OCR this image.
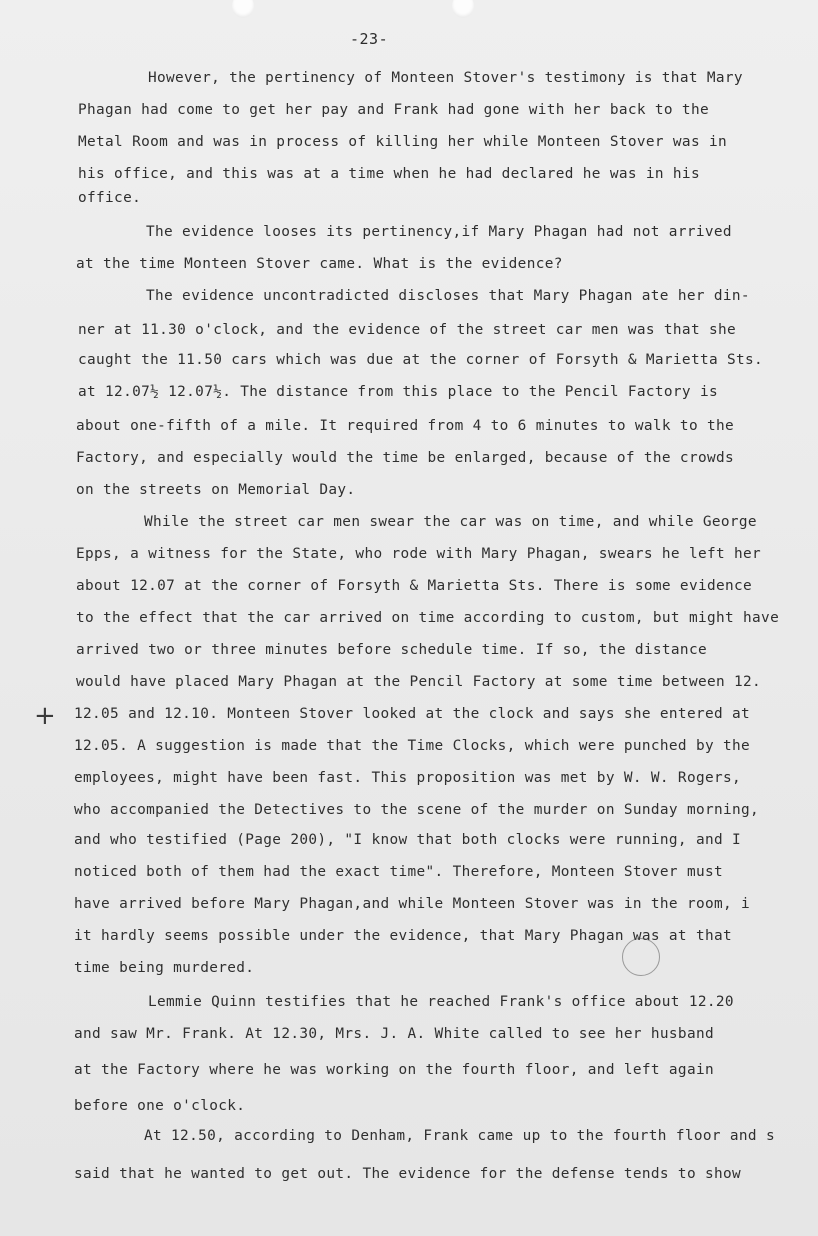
-23-
However, the pertinency of Monteen Stover's testimony is that Mary
Phagan had come to get her pay and Frank had gone with her back to the
Metal Room and was in process of killing her while Monteen Stover was in
his office, and this was at a time when he had declared he was in his
office.
The evidence looses its pertinency,if Mary Phagan had not arrived
at the time Monteen Stover came. What is the evidence?
The evidence uncontradicted discloses that Mary Phagan ate her din-
ner at 11.30 o'clock, and the evidence of the street car men was that she
caught the 11.50 cars which was due at the corner of Forsyth & Marietta Sts.
at 12.07½ 12.07½. The distance from this place to the Pencil Factory is
about one-fifth of a mile. It required from 4 to 6 minutes to walk to the
Factory, and especially would the time be enlarged, because of the crowds
on the streets on Memorial Day.
While the street car men swear the car was on time, and while George
Epps, a witness for the State, who rode with Mary Phagan, swears he left her
about 12.07 at the corner of Forsyth & Marietta Sts. There is some evidence
to the effect that the car arrived on time according to custom, but might have
arrived two or three minutes before schedule time. If so, the distance
would have placed Mary Phagan at the Pencil Factory at some time between 12.
12.05 and 12.10. Monteen Stover looked at the clock and says she entered at
12.05. A suggestion is made that the Time Clocks, which were punched by the
employees, might have been fast. This proposition was met by W. W. Rogers,
who accompanied the Detectives to the scene of the murder on Sunday morning,
and who testified (Page 200), "I know that both clocks were running, and I
noticed both of them had the exact time". Therefore, Monteen Stover must
have arrived before Mary Phagan,and while Monteen Stover was in the room, i
it hardly seems possible under the evidence, that Mary Phagan was at that
time being murdered.
Lemmie Quinn testifies that he reached Frank's office about 12.20
and saw Mr. Frank. At 12.30, Mrs. J. A. White called to see her husband
at the Factory where he was working on the fourth floor, and left again
before one o'clock.
At 12.50, according to Denham, Frank came up to the fourth floor and s
said that he wanted to get out. The evidence for the defense tends to show
+
